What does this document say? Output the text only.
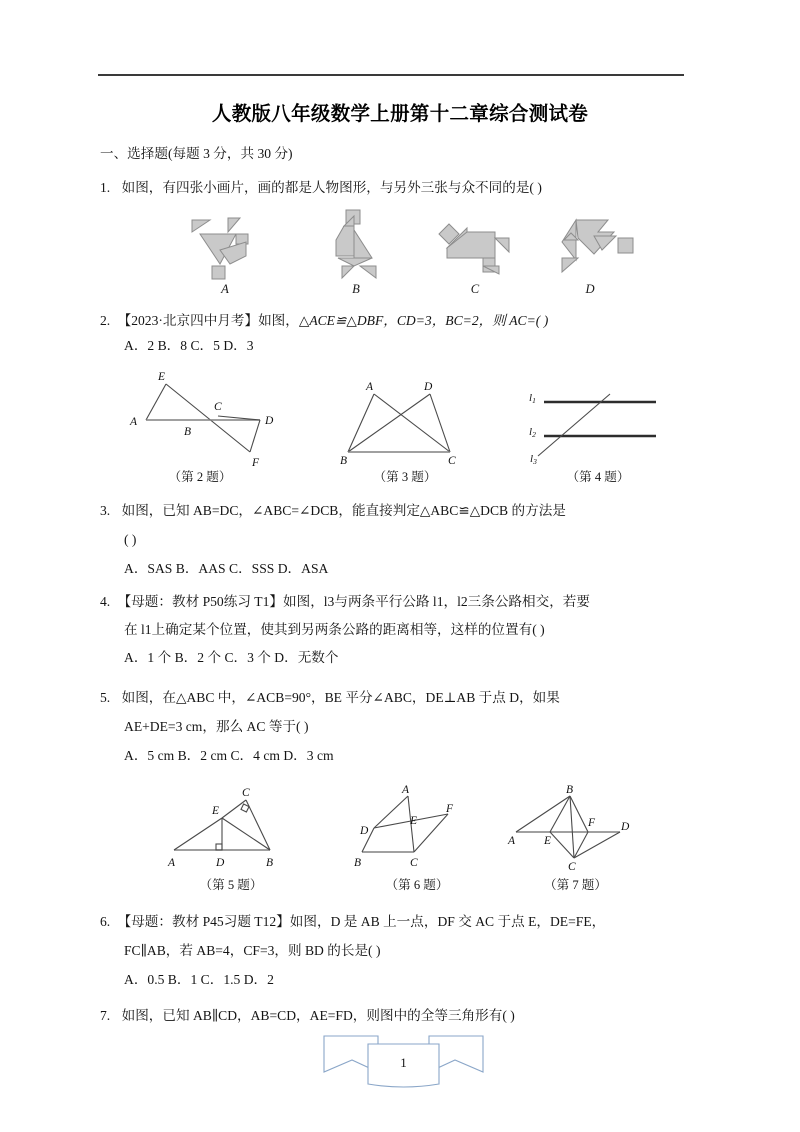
人教版八年级数学上册第十二章综合测试卷
一、选择题(每题 3 分，共 30 分)
1. 如图，有四张小画片，画的都是人物图形，与另外三张与众不同的是( )
A	B	C	D
2. 【2023·北京四中月考】如图，△ACE≌△DBF，CD=3，BC=2，则 AC=( )
A．2 B．8 C．5 D．3
E
A
B
C
D
F
（第 2 题）
A	D
B	C
（第 3 题）
l1
l2
l3
（第 4 题）
3. 如图，已知 AB=DC，∠ABC=∠DCB，能直接判定△ABC≌△DCB 的方法是
( )
A．SAS B．AAS C．SSS D．ASA
4. 【母题：教材 P50练习 T1】如图，l3与两条平行公路 l1，l2三条公路相交，若要
在 l1上确定某个位置，使其到另两条公路的距离相等，这样的位置有( )
A．1 个 B．2 个 C．3 个 D．无数个
5. 如图，在△ABC 中，∠ACB=90°，BE 平分∠ABC，DE⊥AB 于点 D，如果
AE+DE=3 cm，那么 AC 等于( )
A．5 cm B．2 cm C．4 cm D．3 cm
C
E
A	D	B
（第 5 题）
A
E
F
D
B	C
（第 6 题）
B
F D
A	E
C
（第 7 题）
6. 【母题：教材 P45习题 T12】如图，D 是 AB 上一点，DF 交 AC 于点 E，DE=FE，
FC∥AB，若 AB=4，CF=3，则 BD 的长是( )
A．0.5 B．1 C．1.5 D．2
7. 如图，已知 AB∥CD，AB=CD，AE=FD，则图中的全等三角形有( )
1
